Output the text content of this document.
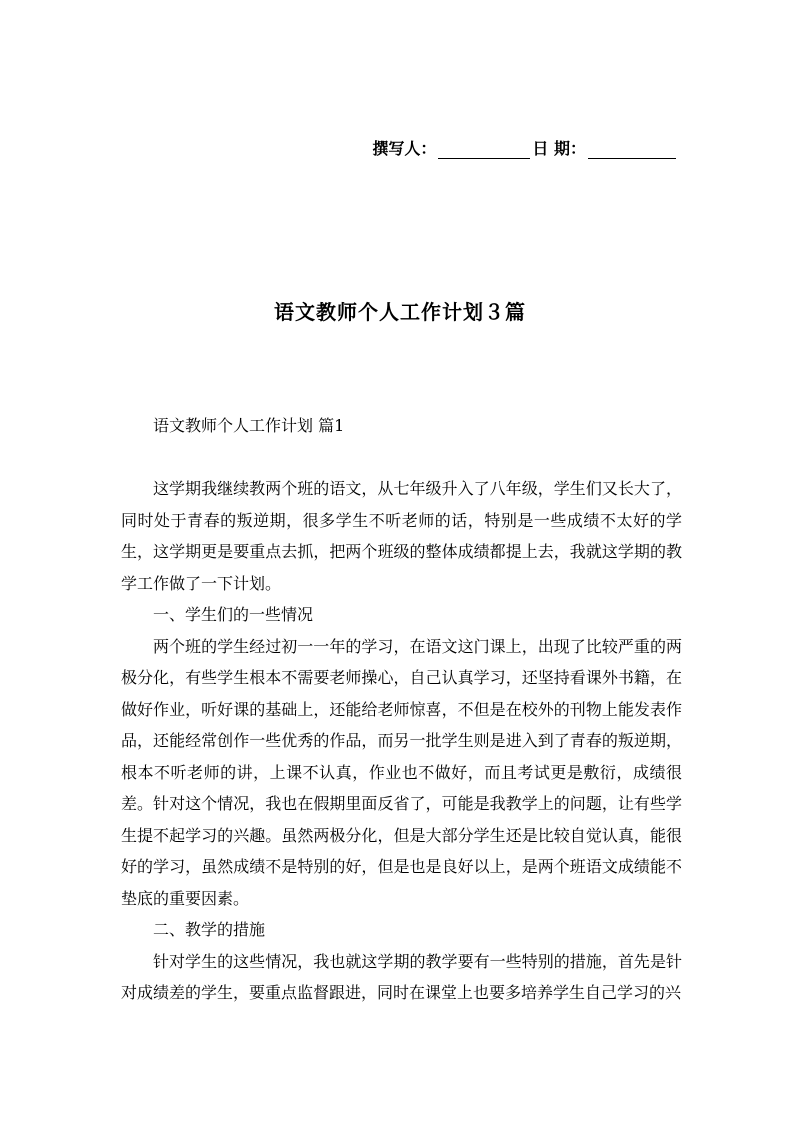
撰写人：	日 期：
语文教师个人工作计划３篇
语文教师个人工作计划 篇1

这学期我继续教两个班的语文，从七年级升入了八年级，学生们又长大了，同时处于青春的叛逆期，很多学生不听老师的话，特别是一些成绩不太好的学生，这学期更是要重点去抓，把两个班级的整体成绩都提上去，我就这学期的教学工作做了一下计划。

一、学生们的一些情况

两个班的学生经过初一一年的学习，在语文这门课上，出现了比较严重的两极分化，有些学生根本不需要老师操心，自己认真学习，还坚持看课外书籍，在做好作业，听好课的基础上，还能给老师惊喜，不但是在校外的刊物上能发表作品，还能经常创作一些优秀的作品，而另一批学生则是进入到了青春的叛逆期，根本不听老师的讲，上课不认真，作业也不做好，而且考试更是敷衍，成绩很差。针对这个情况，我也在假期里面反省了，可能是我教学上的问题，让有些学生提不起学习的兴趣。虽然两极分化，但是大部分学生还是比较自觉认真，能很好的学习，虽然成绩不是特别的好，但是也是良好以上，是两个班语文成绩能不垫底的重要因素。

二、教学的措施

针对学生的这些情况，我也就这学期的教学要有一些特别的措施，首先是针对成绩差的学生，要重点监督跟进，同时在课堂上也要多培养学生自己学习的兴
